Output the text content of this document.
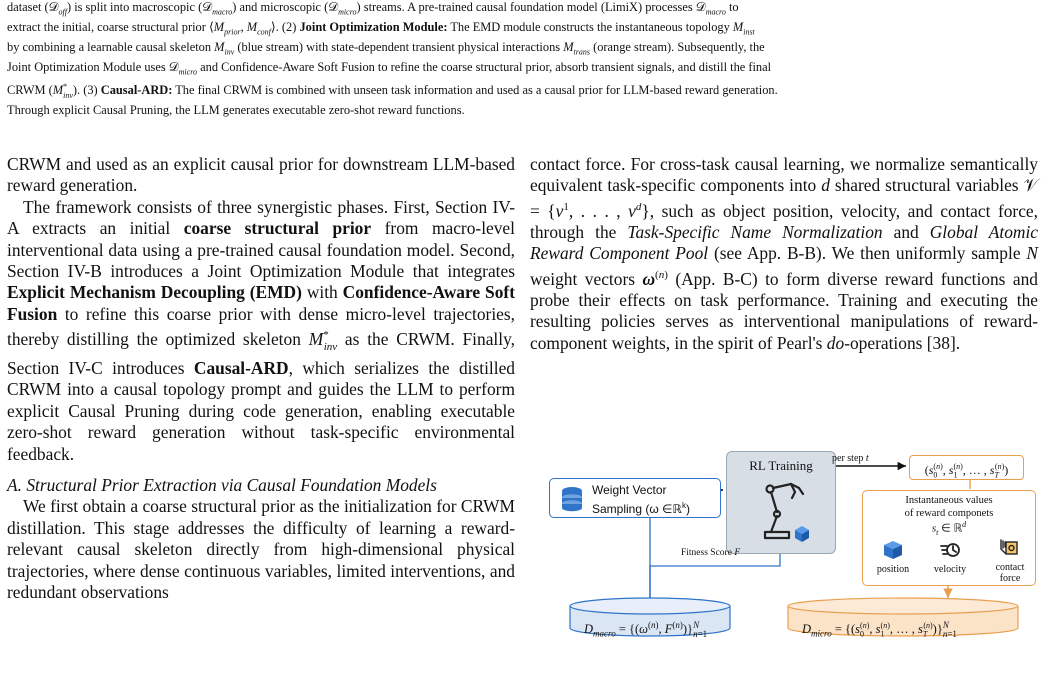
dataset (𝒟$_{off}$) is split into macroscopic (𝒟$_{macro}$) and microscopic (𝒟$_{micro}$) streams. A pre-trained causal foundation model (LimiX) processes 𝒟$_{macro}$ to
extract the initial, coarse structural prior $⟨M_{prior}$, $M_{conf}⟩$. (2) Joint Optimization Module: The EMD module constructs the instantaneous topology $M_{inst}$
by combining a learnable causal skeleton $M_{inv}$ (blue stream) with state-dependent transient physical interactions $M_{trans}$ (orange stream). Subsequently, the
Joint Optimization Module uses 𝒟$_{micro}$ and Confidence-Aware Soft Fusion to refine the coarse structural prior, absorb transient signals, and distill the final
CRWM $(M^*_{inv})$. (3) Causal-ARD: The final CRWM is combined with unseen task information and used as a causal prior for LLM-based reward generation.
Through explicit Causal Pruning, the LLM generates executable zero-shot reward functions.

CRWM and used as an explicit causal prior for downstream LLM-based reward generation.

The framework consists of three synergistic phases. First, Section IV-A extracts an initial coarse structural prior from macro-level interventional data using a pre-trained causal foundation model. Second, Section IV-B introduces a Joint Optimization Module that integrates Explicit Mechanism Decoupling (EMD) with Confidence-Aware Soft Fusion to refine this coarse prior with dense micro-level trajectories, thereby distilling the optimized skeleton $M^*_{inv}$ as the CRWM. Finally, Section IV-C introduces Causal-ARD, which serializes the distilled CRWM into a causal topology prompt and guides the LLM to perform explicit Causal Pruning during code generation, enabling executable zero-shot reward generation without task-specific environmental feedback.

A. Structural Prior Extraction via Causal Foundation Models

We first obtain a coarse structural prior as the initialization for CRWM distillation. This stage addresses the difficulty of learning a reward-relevant causal skeleton directly from high-dimensional physical trajectories, where dense continuous variables, limited interventions, and redundant observations

contact force. For cross-task causal learning, we normalize semantically equivalent task-specific components into d shared structural variables 𝒱 = {$v^1$, . . . , $v^d$}, such as object position, velocity, and contact force, through the Task-Specific Name Normalization and Global Atomic Reward Component Pool (see App. B-B). We then uniformly sample N weight vectors $\omega^{(n)}$ (App. B-C) to form diverse reward functions and probe their effects on task performance. Training and executing the resulting policies serves as interventional manipulations of reward-component weights, in the spirit of Pearl's do-operations [38].

Weight Vector
Sampling (ω ∈ℝ$^k$)
RL Training	per step t
($s_0^{(n)}$, $s_1^{(n)}$, … , $s_T^{(n)}$)
Instantaneous values
of reward componets
$s_t$ ∈ ℝ$^d$
position	velocity	contact force
Fitness Score F
$D_{macro} = \{(\omega^{(n)}$, $F^{(n)})\}^N_{n=1}$	$D_{micro} = \{(s_0^{(n)}$, $s_1^{(n)}$, … , $s_T^{(n)})\}^N_{n=1}$
